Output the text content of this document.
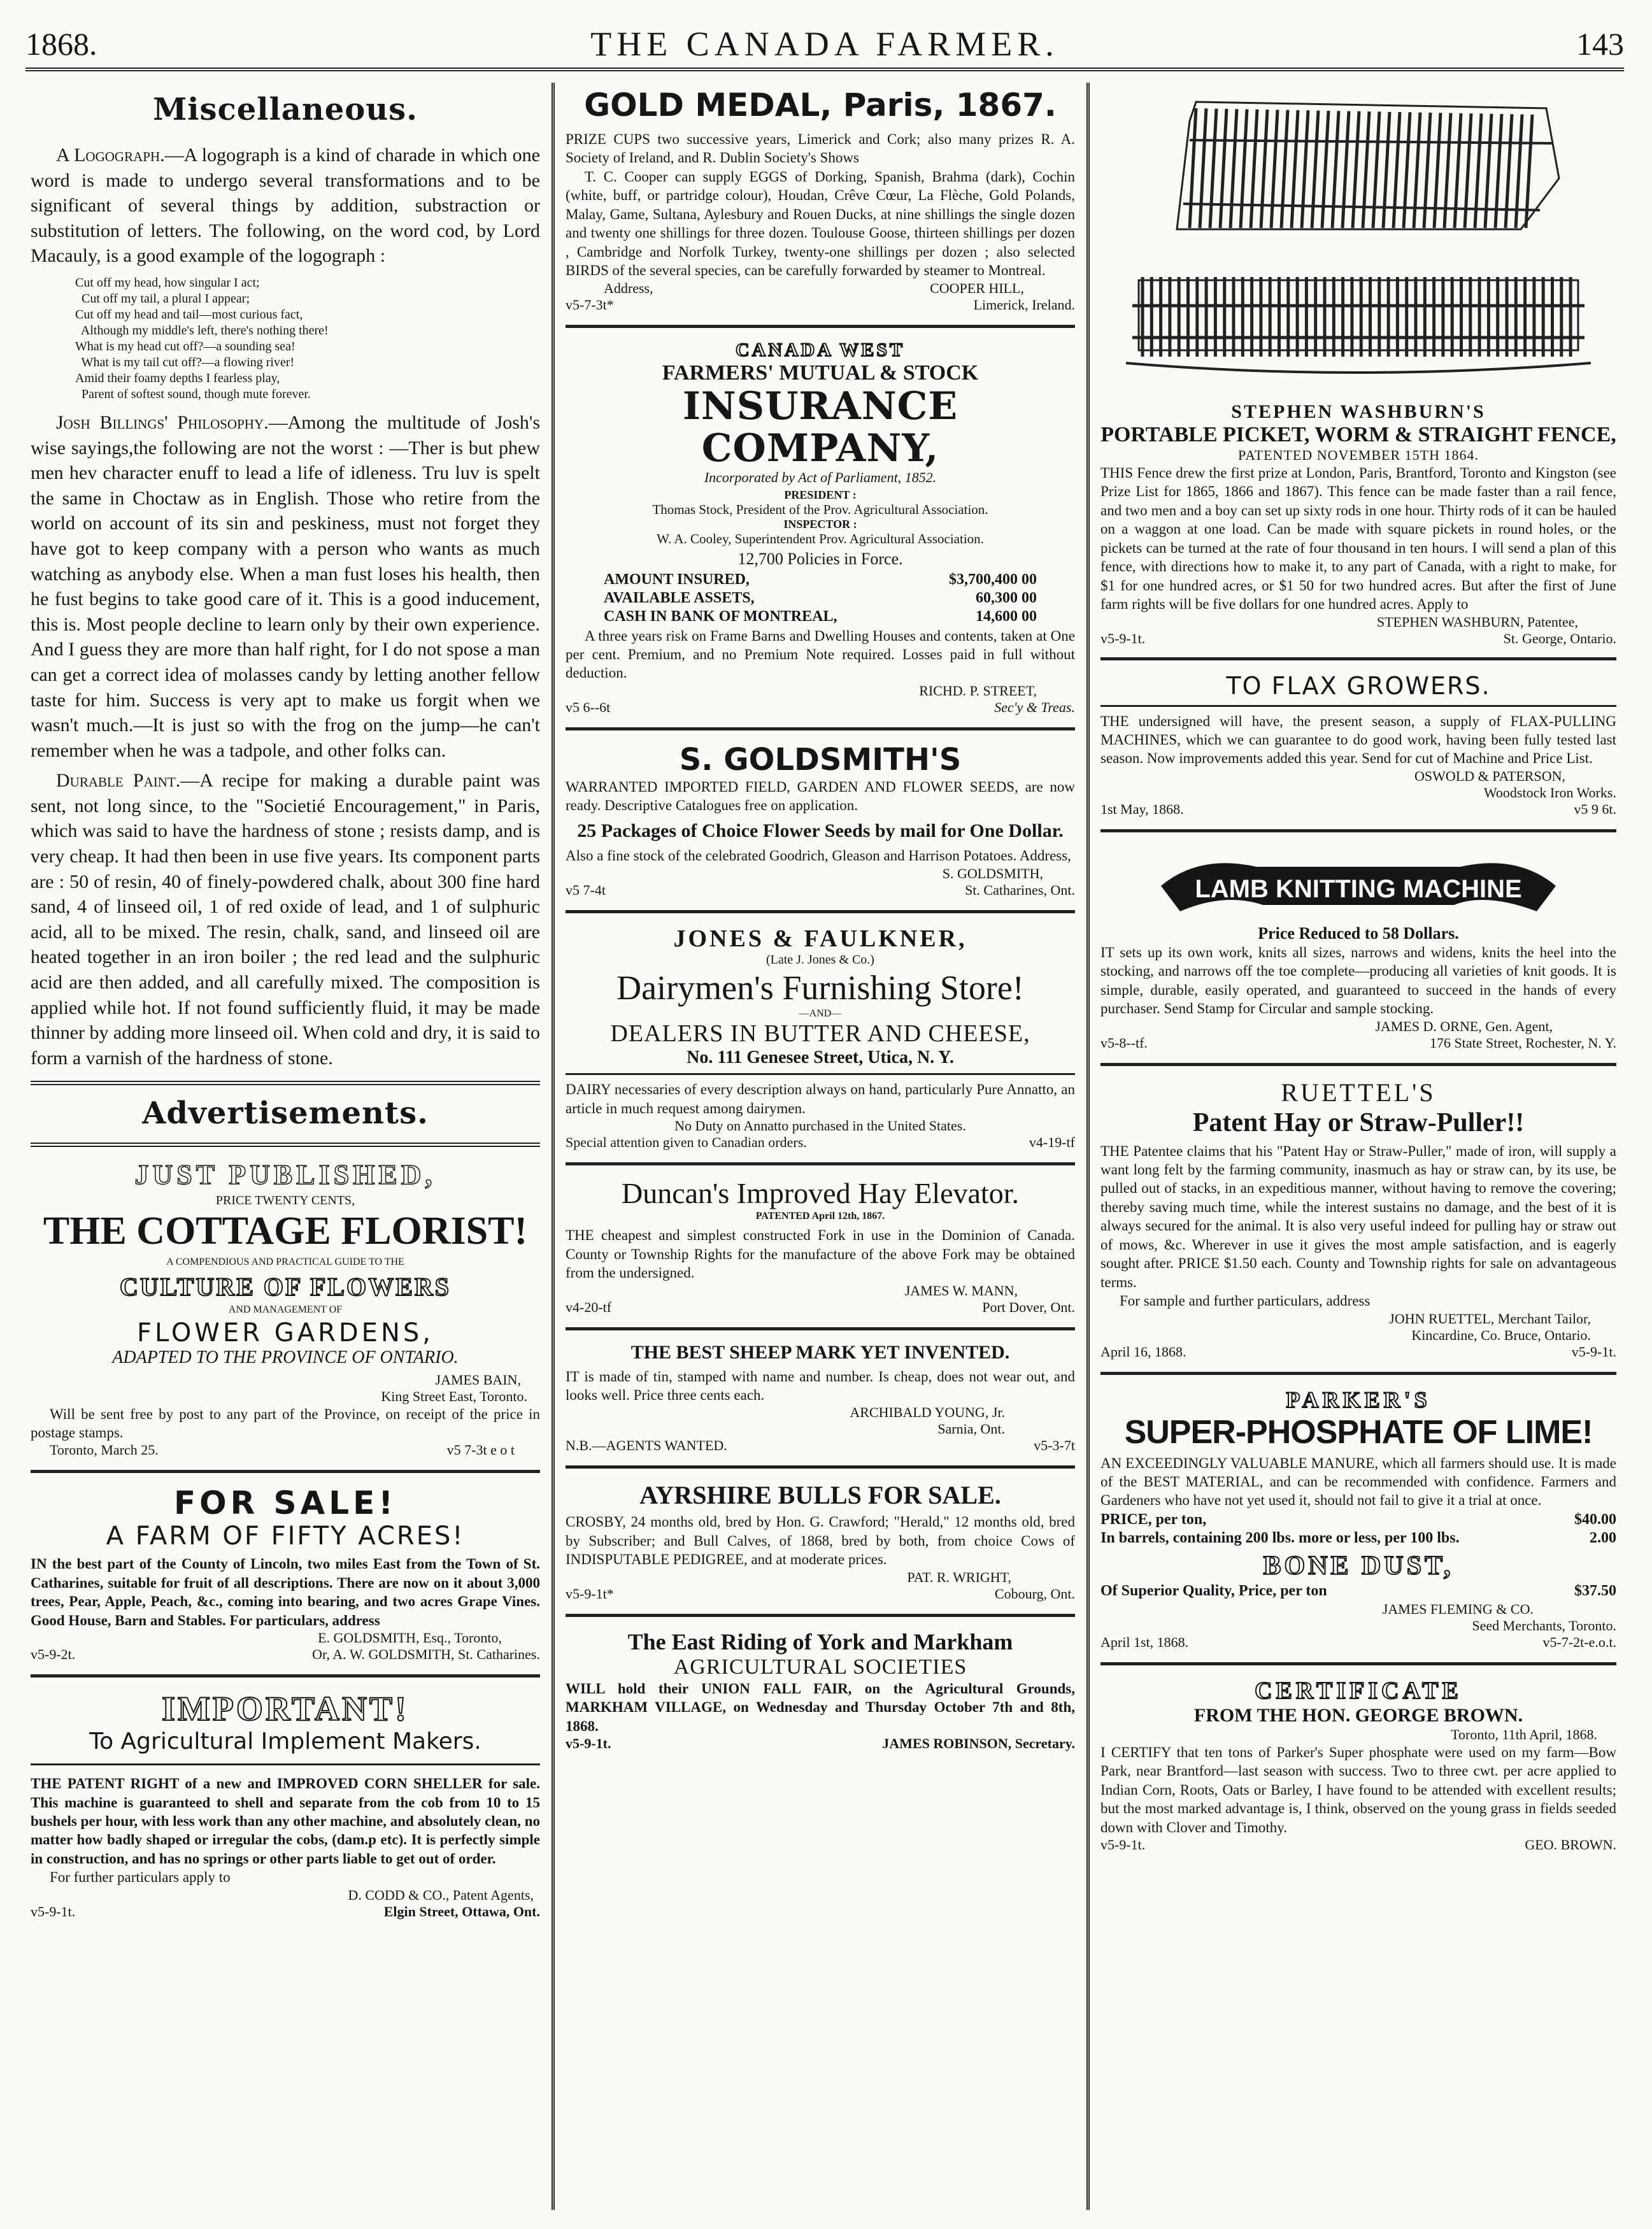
1868.	THE CANADA FARMER.	143
Miscellaneous.

A Logograph.—A logograph is a kind of charade in which one word is made to undergo several transformations and to be significant of several things by addition, substraction or substitution of letters. The following, on the word cod, by Lord Macauly, is a good example of the logograph :

Cut off my head, how singular I act;
Cut off my tail, a plural I appear;
Cut off my head and tail—most curious fact,
Although my middle's left, there's nothing there!
What is my head cut off?—a sounding sea!
What is my tail cut off?—a flowing river!
Amid their foamy depths I fearless play,
Parent of softest sound, though mute forever.

Josh Billings' Philosophy.—Among the multitude of Josh's wise sayings,the following are not the worst : —Ther is but phew men hev character enuff to lead a life of idleness. Tru luv is spelt the same in Choctaw as in English. Those who retire from the world on account of its sin and peskiness, must not forget they have got to keep company with a person who wants as much watching as anybody else. When a man fust loses his health, then he fust begins to take good care of it. This is a good inducement, this is. Most people decline to learn only by their own experience. And I guess they are more than half right, for I do not spose a man can get a correct idea of molasses candy by letting another fellow taste for him. Success is very apt to make us forgit when we wasn't much.—It is just so with the frog on the jump—he can't remember when he was a tadpole, and other folks can.

Durable Paint.—A recipe for making a durable paint was sent, not long since, to the "Societié Encouragement," in Paris, which was said to have the hardness of stone ; resists damp, and is very cheap. It had then been in use five years. Its component parts are : 50 of resin, 40 of finely-powdered chalk, about 300 fine hard sand, 4 of linseed oil, 1 of red oxide of lead, and 1 of sulphuric acid, all to be mixed. The resin, chalk, sand, and linseed oil are heated together in an iron boiler ; the red lead and the sulphuric acid are then added, and all carefully mixed. The composition is applied while hot. If not found sufficiently fluid, it may be made thinner by adding more linseed oil. When cold and dry, it is said to form a varnish of the hardness of stone.

Advertisements.
JUST PUBLISHED,
PRICE TWENTY CENTS,
THE COTTAGE FLORIST!
A COMPENDIOUS AND PRACTICAL GUIDE TO THE
CULTURE OF FLOWERS
AND MANAGEMENT OF
FLOWER GARDENS,
ADAPTED TO THE PROVINCE OF ONTARIO.
JAMES BAIN,
King Street East, Toronto.
Will be sent free by post to any part of the Province, on receipt of the price in postage stamps.
Toronto, March 25.	v5 7-3t e o t
FOR SALE!
A FARM OF FIFTY ACRES!
IN the best part of the County of Lincoln, two miles East from the Town of St. Catharines, suitable for fruit of all descriptions. There are now on it about 3,000 trees, Pear, Apple, Peach, &c., coming into bearing, and two acres Grape Vines. Good House, Barn and Stables. For particulars, address
E. GOLDSMITH, Esq., Toronto,
v5-9-2t.	Or, A. W. GOLDSMITH, St. Catharines.
IMPORTANT!
To Agricultural Implement Makers.
THE PATENT RIGHT of a new and IMPROVED CORN SHELLER for sale. This machine is guaranteed to shell and separate from the cob from 10 to 15 bushels per hour, with less work than any other machine, and absolutely clean, no matter how badly shaped or irregular the cobs, (dam.p etc). It is perfectly simple in construction, and has no springs or other parts liable to get out of order.
For further particulars apply to
D. CODD & CO., Patent Agents,
v5-9-1t.	Elgin Street, Ottawa, Ont.
GOLD MEDAL, Paris, 1867.
PRIZE CUPS two successive years, Limerick and Cork; also many prizes R. A. Society of Ireland, and R. Dublin Society's Shows
T. C. Cooper can supply EGGS of Dorking, Spanish, Brahma (dark), Cochin (white, buff, or partridge colour), Houdan, Crêve Cœur, La Flèche, Gold Polands, Malay, Game, Sultana, Aylesbury and Rouen Ducks, at nine shillings the single dozen and twenty one shillings for three dozen. Toulouse Goose, thirteen shillings per dozen , Cambridge and Norfolk Turkey, twenty-one shillings per dozen ; also selected BIRDS of the several species, can be carefully forwarded by steamer to Montreal.
Address,	COOPER HILL,
v5-7-3t*	Limerick, Ireland.
CANADA WEST
FARMERS' MUTUAL & STOCK
INSURANCE COMPANY,
Incorporated by Act of Parliament, 1852.
PRESIDENT :
Thomas Stock, President of the Prov. Agricultural Association.
INSPECTOR :
W. A. Cooley, Superintendent Prov. Agricultural Association.
12,700 Policies in Force.
AMOUNT INSURED,	$3,700,400 00
AVAILABLE ASSETS,	60,300 00
CASH IN BANK OF MONTREAL,	14,600 00
A three years risk on Frame Barns and Dwelling Houses and contents, taken at One per cent. Premium, and no Premium Note required. Losses paid in full without deduction.
RICHD. P. STREET,
v5 6--6t	Sec'y & Treas.
S. GOLDSMITH'S
WARRANTED IMPORTED FIELD, GARDEN AND FLOWER SEEDS, are now ready. Descriptive Catalogues free on application.
25 Packages of Choice Flower Seeds by mail for One Dollar.
Also a fine stock of the celebrated Goodrich, Gleason and Harrison Potatoes. Address,
S. GOLDSMITH,
v5 7-4t	St. Catharines, Ont.
JONES & FAULKNER,
(Late J. Jones & Co.)
Dairymen's Furnishing Store!
—AND—
DEALERS IN BUTTER AND CHEESE,
No. 111 Genesee Street, Utica, N. Y.
DAIRY necessaries of every description always on hand, particularly Pure Annatto, an article in much request among dairymen.
No Duty on Annatto purchased in the United States.
Special attention given to Canadian orders.	v4-19-tf
Duncan's Improved Hay Elevator.
PATENTED April 12th, 1867.
THE cheapest and simplest constructed Fork in use in the Dominion of Canada. County or Township Rights for the manufacture of the above Fork may be obtained from the undersigned.
JAMES W. MANN,
v4-20-tf	Port Dover, Ont.
THE BEST SHEEP MARK YET INVENTED.
IT is made of tin, stamped with name and number. Is cheap, does not wear out, and looks well. Price three cents each.
ARCHIBALD YOUNG, Jr.
Sarnia, Ont.
N.B.—AGENTS WANTED.	v5-3-7t
AYRSHIRE BULLS FOR SALE.
CROSBY, 24 months old, bred by Hon. G. Crawford; "Herald," 12 months old, bred by Subscriber; and Bull Calves, of 1868, bred by both, from choice Cows of INDISPUTABLE PEDIGREE, and at moderate prices.
PAT. R. WRIGHT,
v5-9-1t*	Cobourg, Ont.
The East Riding of York and Markham
AGRICULTURAL SOCIETIES
WILL hold their UNION FALL FAIR, on the Agricultural Grounds, MARKHAM VILLAGE, on Wednesday and Thursday October 7th and 8th, 1868.
v5-9-1t.	JAMES ROBINSON, Secretary.
STEPHEN WASHBURN'S
PORTABLE PICKET, WORM & STRAIGHT FENCE,
PATENTED NOVEMBER 15TH 1864.
THIS Fence drew the first prize at London, Paris, Brantford, Toronto and Kingston (see Prize List for 1865, 1866 and 1867). This fence can be made faster than a rail fence, and two men and a boy can set up sixty rods in one hour. Thirty rods of it can be hauled on a waggon at one load. Can be made with square pickets in round holes, or the pickets can be turned at the rate of four thousand in ten hours. I will send a plan of this fence, with directions how to make it, to any part of Canada, with a right to make, for $1 for one hundred acres, or $1 50 for two hundred acres. But after the first of June farm rights will be five dollars for one hundred acres. Apply to
STEPHEN WASHBURN, Patentee,
v5-9-1t.	St. George, Ontario.
TO FLAX GROWERS.
THE undersigned will have, the present season, a supply of FLAX-PULLING MACHINES, which we can guarantee to do good work, having been fully tested last season. Now improvements added this year. Send for cut of Machine and Price List.
OSWOLD & PATERSON,
Woodstock Iron Works.
1st May, 1868.	v5 9 6t.
LAMB KNITTING MACHINE
Price Reduced to 58 Dollars.
IT sets up its own work, knits all sizes, narrows and widens, knits the heel into the stocking, and narrows off the toe complete—producing all varieties of knit goods. It is simple, durable, easily operated, and guaranteed to succeed in the hands of every purchaser. Send Stamp for Circular and sample stocking.
JAMES D. ORNE, Gen. Agent,
v5-8--tf.	176 State Street, Rochester, N. Y.
RUETTEL'S
Patent Hay or Straw-Puller!!
THE Patentee claims that his "Patent Hay or Straw-Puller," made of iron, will supply a want long felt by the farming community, inasmuch as hay or straw can, by its use, be pulled out of stacks, in an expeditious manner, without having to remove the covering; thereby saving much time, while the interest sustains no damage, and the best of it is always secured for the animal. It is also very useful indeed for pulling hay or straw out of mows, &c. Wherever in use it gives the most ample satisfaction, and is eagerly sought after. PRICE $1.50 each. County and Township rights for sale on advantageous terms.
For sample and further particulars, address
JOHN RUETTEL, Merchant Tailor,
Kincardine, Co. Bruce, Ontario.
April 16, 1868.	v5-9-1t.
PARKER'S
SUPER-PHOSPHATE OF LIME!
AN EXCEEDINGLY VALUABLE MANURE, which all farmers should use. It is made of the BEST MATERIAL, and can be recommended with confidence. Farmers and Gardeners who have not yet used it, should not fail to give it a trial at once.
PRICE, per ton,	$40.00
In barrels, containing 200 lbs. more or less, per 100 lbs.	2.00
BONE DUST,
Of Superior Quality, Price, per ton	$37.50
JAMES FLEMING & CO.
Seed Merchants, Toronto.
April 1st, 1868.	v5-7-2t-e.o.t.
CERTIFICATE
FROM THE HON. GEORGE BROWN.
Toronto, 11th April, 1868.
I CERTIFY that ten tons of Parker's Super phosphate were used on my farm—Bow Park, near Brantford—last season with success. Two to three cwt. per acre applied to Indian Corn, Roots, Oats or Barley, I have found to be attended with excellent results; but the most marked advantage is, I think, observed on the young grass in fields seeded down with Clover and Timothy.
v5-9-1t.	GEO. BROWN.
